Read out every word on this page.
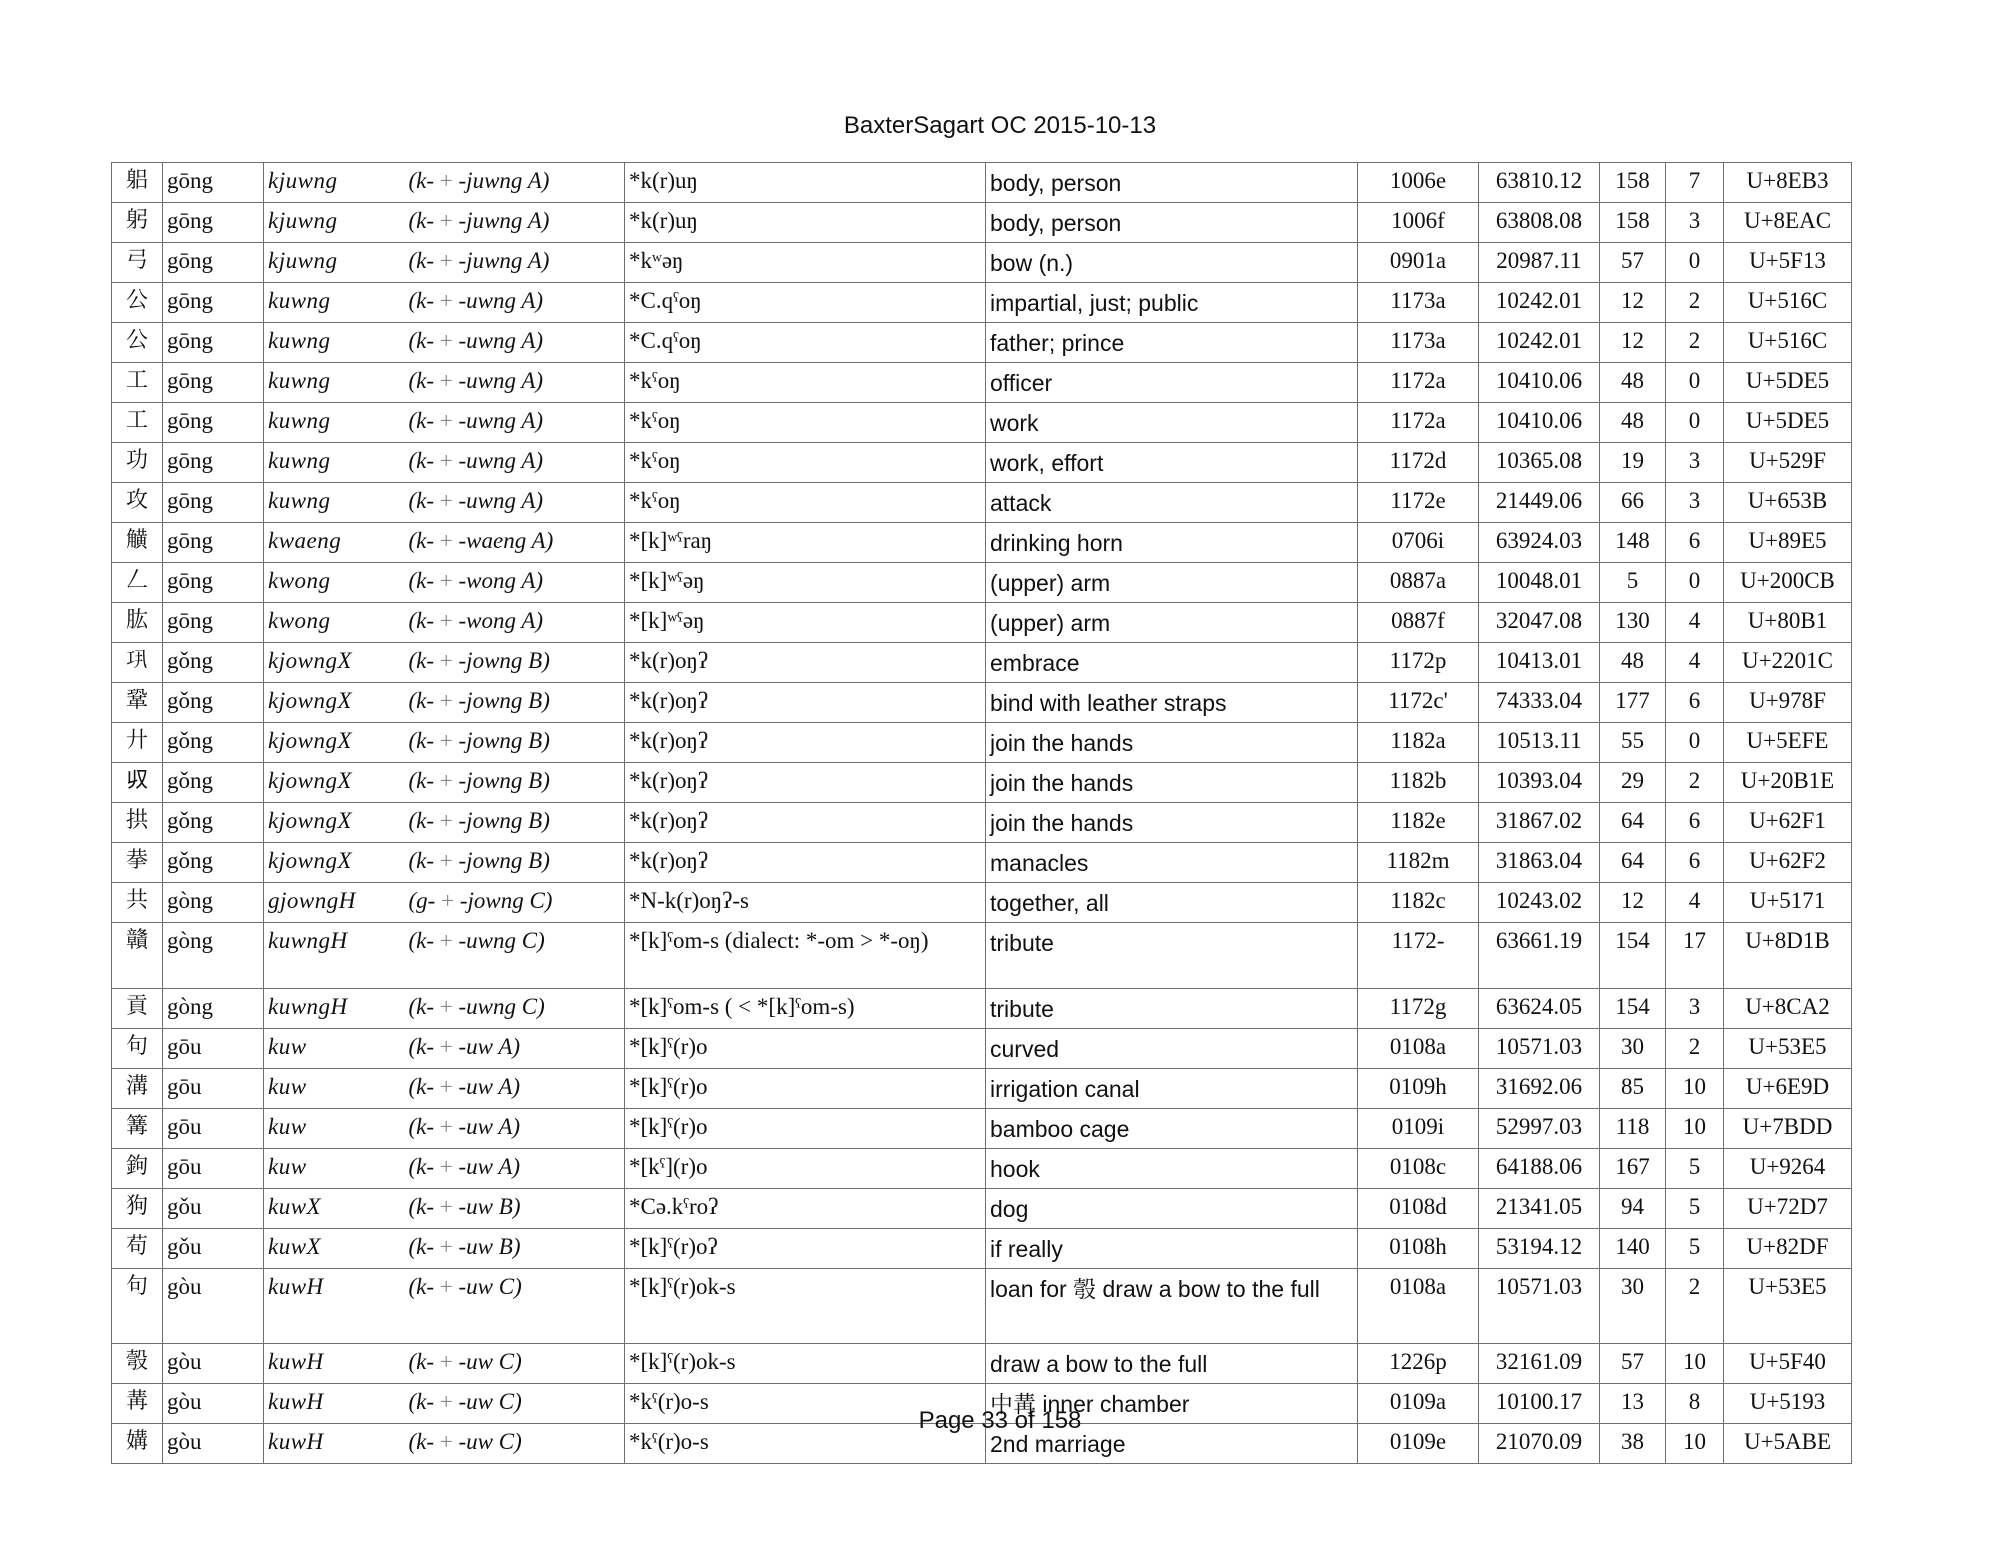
BaxterSagart OC 2015-10-13
躳	gōng	kjuwng	(k- + -juwng A)	*k(r)uŋ	body, person	1006e	63810.12	158	7	U+8EB3
躬	gōng	kjuwng	(k- + -juwng A)	*k(r)uŋ	body, person	1006f	63808.08	158	3	U+8EAC
弓	gōng	kjuwng	(k- + -juwng A)	*kʷəŋ	bow (n.)	0901a	20987.11	57	0	U+5F13
公	gōng	kuwng	(k- + -uwng A)	*C.qˤoŋ	impartial, just; public	1173a	10242.01	12	2	U+516C
公	gōng	kuwng	(k- + -uwng A)	*C.qˤoŋ	father; prince	1173a	10242.01	12	2	U+516C
工	gōng	kuwng	(k- + -uwng A)	*kˤoŋ	officer	1172a	10410.06	48	0	U+5DE5
工	gōng	kuwng	(k- + -uwng A)	*kˤoŋ	work	1172a	10410.06	48	0	U+5DE5
功	gōng	kuwng	(k- + -uwng A)	*kˤoŋ	work, effort	1172d	10365.08	19	3	U+529F
攻	gōng	kuwng	(k- + -uwng A)	*kˤoŋ	attack	1172e	21449.06	66	3	U+653B
觵	gōng	kwaeng	(k- + -waeng A)	*[k]ʷˤraŋ	drinking horn	0706i	63924.03	148	6	U+89E5
𠃋	gōng	kwong	(k- + -wong A)	*[k]ʷˤəŋ	(upper) arm	0887a	10048.01	5	0	U+200CB
肱	gōng	kwong	(k- + -wong A)	*[k]ʷˤəŋ	(upper) arm	0887f	32047.08	130	4	U+80B1
𢀜	gǒng	kjowngX	(k- + -jowng B)	*k(r)oŋʔ	embrace	1172p	10413.01	48	4	U+2201C
鞏	gǒng	kjowngX	(k- + -jowng B)	*k(r)oŋʔ	bind with leather straps	1172c'	74333.04	177	6	U+978F
廾	gǒng	kjowngX	(k- + -jowng B)	*k(r)oŋʔ	join the hands	1182a	10513.11	55	0	U+5EFE
𠬞	gǒng	kjowngX	(k- + -jowng B)	*k(r)oŋʔ	join the hands	1182b	10393.04	29	2	U+20B1E
拱	gǒng	kjowngX	(k- + -jowng B)	*k(r)oŋʔ	join the hands	1182e	31867.02	64	6	U+62F1
拲	gǒng	kjowngX	(k- + -jowng B)	*k(r)oŋʔ	manacles	1182m	31863.04	64	6	U+62F2
共	gòng	gjowngH	(g- + -jowng C)	*N-k(r)oŋʔ-s	together, all	1182c	10243.02	12	4	U+5171
贛	gòng	kuwngH	(k- + -uwng C)	*[k]ˤom-s (dialect: *-om > *-oŋ)	tribute	1172-	63661.19	154	17	U+8D1B
貢	gòng	kuwngH	(k- + -uwng C)	*[k]ˤom-s ( < *[k]ˤom-s)	tribute	1172g	63624.05	154	3	U+8CA2
句	gōu	kuw	(k- + -uw A)	*[k]ˤ(r)o	curved	0108a	10571.03	30	2	U+53E5
溝	gōu	kuw	(k- + -uw A)	*[k]ˤ(r)o	irrigation canal	0109h	31692.06	85	10	U+6E9D
篝	gōu	kuw	(k- + -uw A)	*[k]ˤ(r)o	bamboo cage	0109i	52997.03	118	10	U+7BDD
鉤	gōu	kuw	(k- + -uw A)	*[kˤ](r)o	hook	0108c	64188.06	167	5	U+9264
狗	gǒu	kuwX	(k- + -uw B)	*Cə.kˤroʔ	dog	0108d	21341.05	94	5	U+72D7
苟	gǒu	kuwX	(k- + -uw B)	*[k]ˤ(r)oʔ	if really	0108h	53194.12	140	5	U+82DF
句	gòu	kuwH	(k- + -uw C)	*[k]ˤ(r)ok-s	loan for 彀 draw a bow to the full	0108a	10571.03	30	2	U+53E5
彀	gòu	kuwH	(k- + -uw C)	*[k]ˤ(r)ok-s	draw a bow to the full	1226p	32161.09	57	10	U+5F40
冓	gòu	kuwH	(k- + -uw C)	*kˤ(r)o-s	中冓 inner chamber	0109a	10100.17	13	8	U+5193
媾	gòu	kuwH	(k- + -uw C)	*kˤ(r)o-s	2nd marriage	0109e	21070.09	38	10	U+5ABE
Page 33 of 158
